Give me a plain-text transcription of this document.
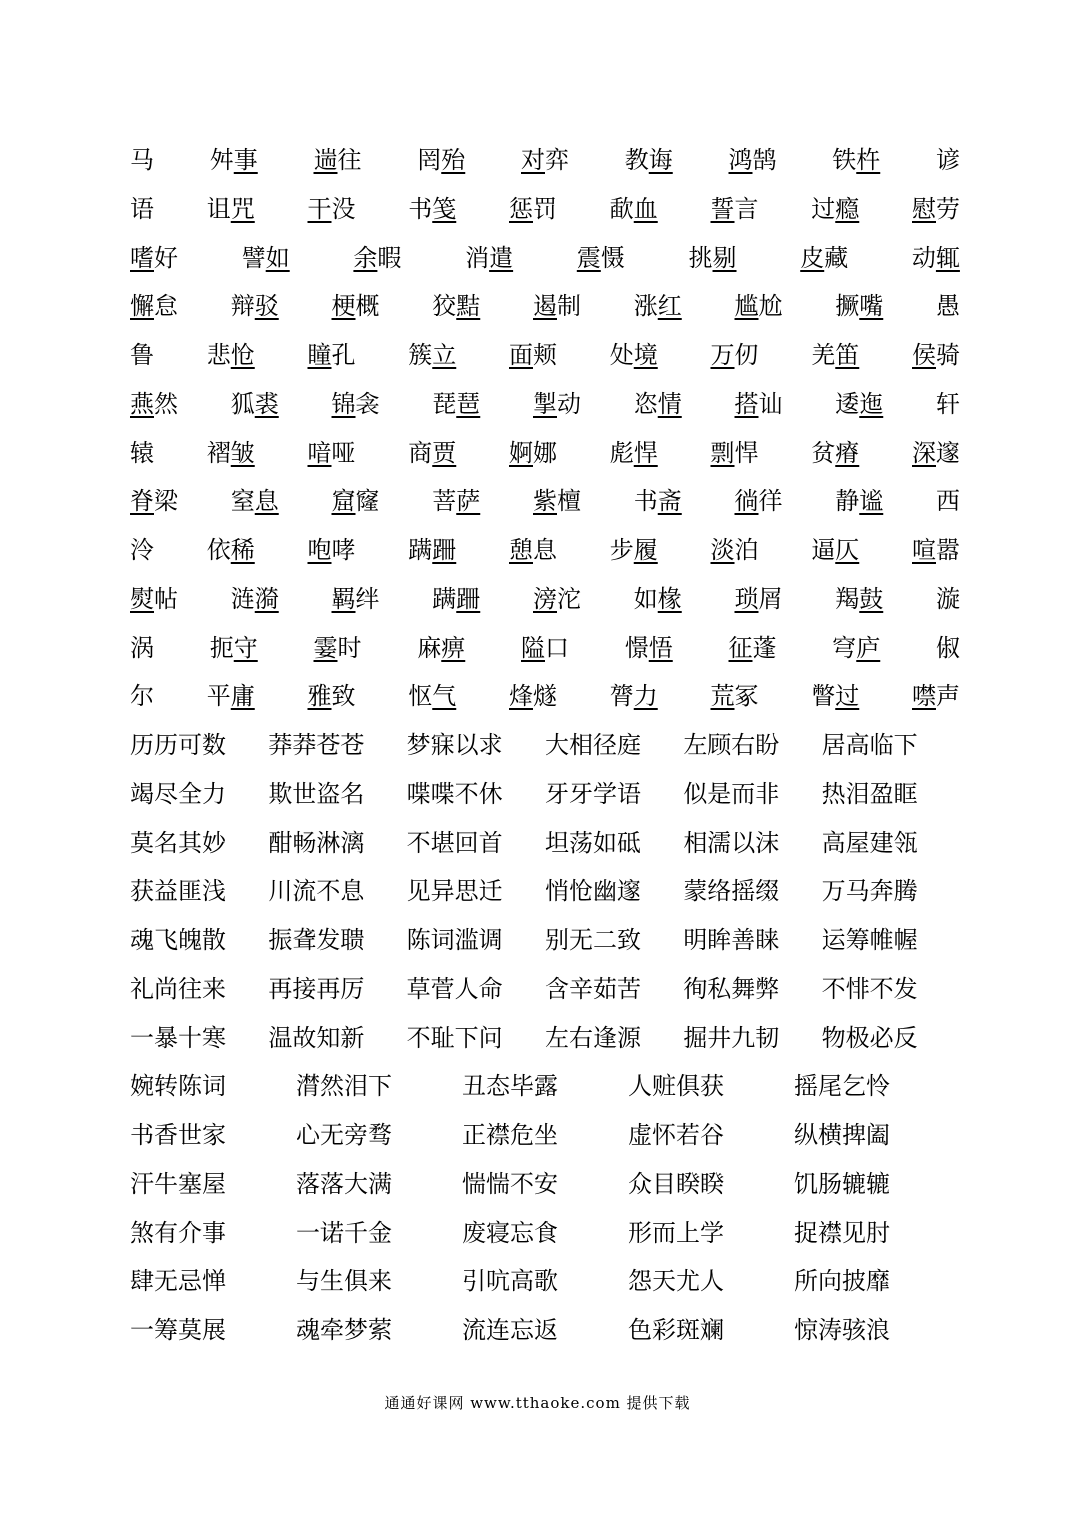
通通好课网 www.tthaoke.com 提供下载
马 舛事 遄往 罔殆 对弈 教诲 鸿鹄 铁杵 谚
语 诅咒 干没 书笺 惩罚 歃血 誓言 过瘾 慰劳
嗜好	譬如	余暇	消遣	震慑	挑剔	皮藏	动辄
懈怠 辩驳 梗概 狡黠 遏制 涨红 尴尬 撅嘴 愚
鲁 悲怆 瞳孔 簇立 面颊 处境 万仞 羌笛 侯骑
燕然 狐裘 锦衾 琵琶 掣动 恣情 搭讪 逶迤 轩
辕 褶皱 喑哑 商贾 婀娜 彪悍 剽悍 贫瘠 深邃
脊梁 窒息 窟窿 菩萨 紫檀 书斋 徜徉 静谧 西
泠 依稀 咆哮 蹒跚 憩息 步履 淡泊 逼仄 喧嚣
熨帖 涟漪 羁绊 蹒跚 滂沱 如椽 琐屑 羯鼓 漩
涡 扼守 霎时 麻痹 隘口 憬悟 征蓬 穹庐 俶
尔 平庸 雅致 怄气 烽燧 膂力 荒冢 瞥过 噤声
历历可数	莽莽苍苍	梦寐以求	大相径庭	左顾右盼	居高临下
竭尽全力	欺世盗名	喋喋不休	牙牙学语	似是而非	热泪盈眶
莫名其妙	酣畅淋漓	不堪回首	坦荡如砥	相濡以沫	高屋建瓴
获益匪浅	川流不息	见异思迁	悄怆幽邃	蒙络摇缀	万马奔腾
魂飞魄散	振聋发聩	陈词滥调	别无二致	明眸善睐	运筹帷幄
礼尚往来	再接再厉	草菅人命	含辛茹苦	徇私舞弊	不悱不发
一暴十寒	温故知新	不耻下问	左右逢源	掘井九韧	物极必反
婉转陈词	潸然泪下	丑态毕露	人赃俱获	摇尾乞怜
书香世家	心无旁骛	正襟危坐	虚怀若谷	纵横捭阖
汗牛塞屋	落落大满	惴惴不安	众目睽睽	饥肠辘辘
煞有介事	一诺千金	废寝忘食	形而上学	捉襟见肘
肆无忌惮	与生俱来	引吭高歌	怨天尤人	所向披靡
一筹莫展	魂牵梦萦	流连忘返	色彩斑斓	惊涛骇浪
